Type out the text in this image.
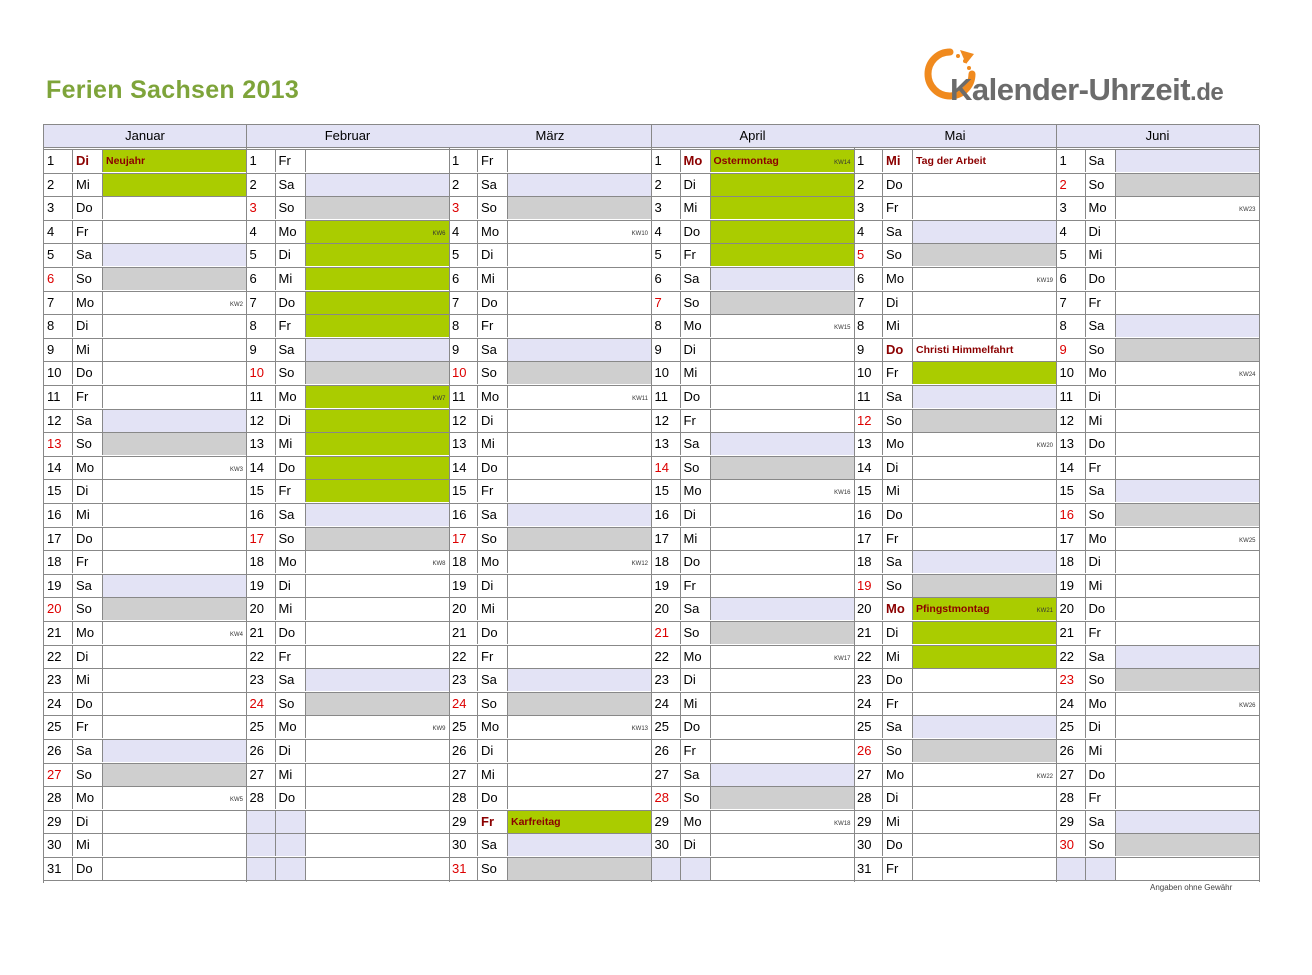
Ferien Sachsen 2013	Kalender-Uhrzeit.de
Januar
1	Di	Neujahr
2	Mi
3	Do
4	Fr
5	Sa
6	So
7	Mo	KW2
8	Di
9	Mi
10	Do
11	Fr
12	Sa
13	So
14	Mo	KW3
15	Di
16	Mi
17	Do
18	Fr
19	Sa
20	So
21	Mo	KW4
22	Di
23	Mi
24	Do
25	Fr
26	Sa
27	So
28	Mo	KW5
29	Di
30	Mi
31	Do
Februar
1	Fr
2	Sa
3	So
4	Mo	KW6
5	Di
6	Mi
7	Do
8	Fr
9	Sa
10	So
11	Mo	KW7
12	Di
13	Mi
14	Do
15	Fr
16	Sa
17	So
18	Mo	KW8
19	Di
20	Mi
21	Do
22	Fr
23	Sa
24	So
25	Mo	KW9
26	Di
27	Mi
28	Do
März
1	Fr
2	Sa
3	So
4	Mo	KW10
5	Di
6	Mi
7	Do
8	Fr
9	Sa
10	So
11	Mo	KW11
12	Di
13	Mi
14	Do
15	Fr
16	Sa
17	So
18	Mo	KW12
19	Di
20	Mi
21	Do
22	Fr
23	Sa
24	So
25	Mo	KW13
26	Di
27	Mi
28	Do
29	Fr	Karfreitag
30	Sa
31	So
April
1	Mo	Ostermontag	KW14
2	Di
3	Mi
4	Do
5	Fr
6	Sa
7	So
8	Mo	KW15
9	Di
10	Mi
11	Do
12	Fr
13	Sa
14	So
15	Mo	KW16
16	Di
17	Mi
18	Do
19	Fr
20	Sa
21	So
22	Mo	KW17
23	Di
24	Mi
25	Do
26	Fr
27	Sa
28	So
29	Mo	KW18
30	Di
Mai
1	Mi	Tag der Arbeit
2	Do
3	Fr
4	Sa
5	So
6	Mo	KW19
7	Di
8	Mi
9	Do	Christi Himmelfahrt
10	Fr
11	Sa
12	So
13	Mo	KW20
14	Di
15	Mi
16	Do
17	Fr
18	Sa
19	So
20	Mo	Pfingstmontag	KW21
21	Di
22	Mi
23	Do
24	Fr
25	Sa
26	So
27	Mo	KW22
28	Di
29	Mi
30	Do
31	Fr
Juni
1	Sa
2	So
3	Mo	KW23
4	Di
5	Mi
6	Do
7	Fr
8	Sa
9	So
10	Mo	KW24
11	Di
12	Mi
13	Do
14	Fr
15	Sa
16	So
17	Mo	KW25
18	Di
19	Mi
20	Do
21	Fr
22	Sa
23	So
24	Mo	KW26
25	Di
26	Mi
27	Do
28	Fr
29	Sa
30	So
Angaben ohne Gewähr
